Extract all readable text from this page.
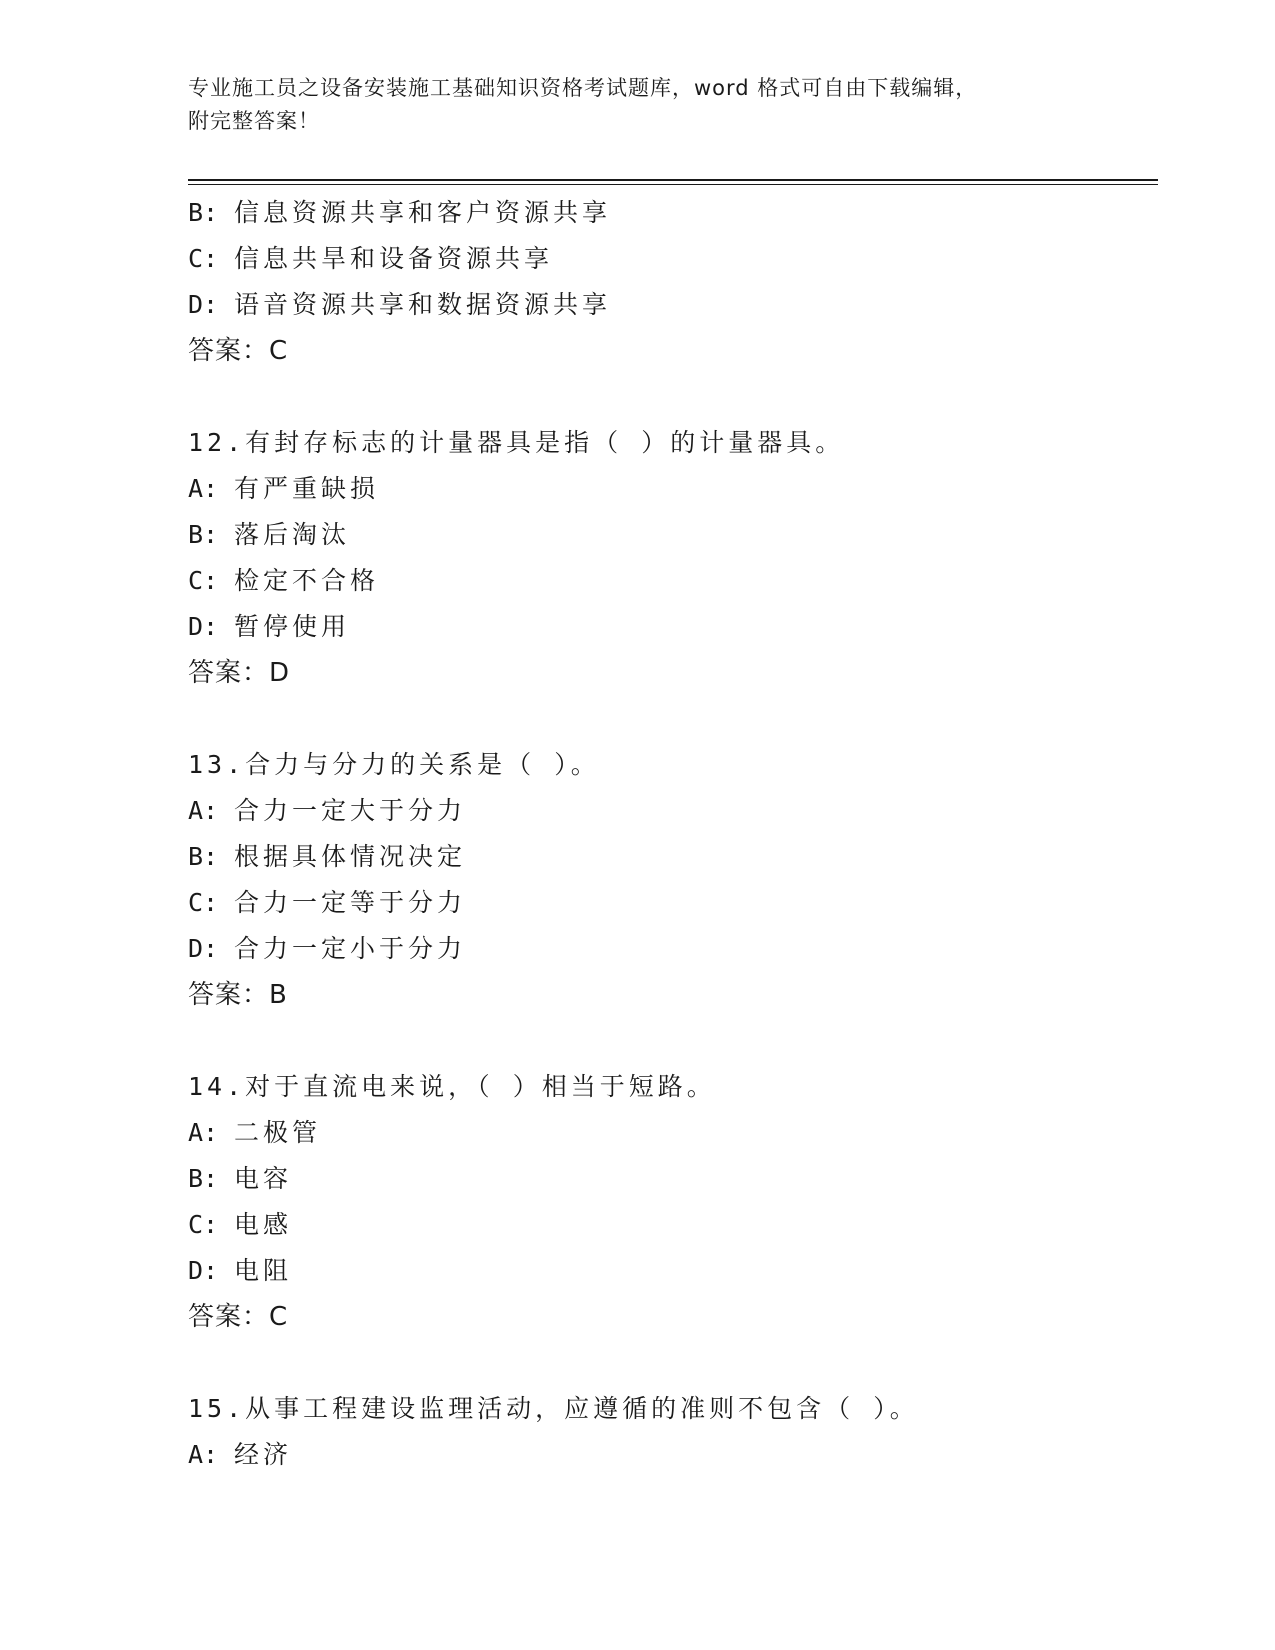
专业施工员之设备安装施工基础知识资格考试题库，word 格式可自由下载编辑，
附完整答案！
B: 信息资源共享和客户资源共享
C: 信息共旱和设备资源共享
D: 语音资源共享和数据资源共享
答案：C
12.有封存标志的计量器具是指（ ）的计量器具。
A: 有严重缺损
B: 落后淘汰
C: 检定不合格
D: 暂停使用
答案：D
13.合力与分力的关系是（ ）。
A: 合力一定大于分力
B: 根据具体情况决定
C: 合力一定等于分力
D: 合力一定小于分力
答案：B
14.对于直流电来说，（ ）相当于短路。
A: 二极管
B: 电容
C: 电感
D: 电阻
答案：C
15.从事工程建设监理活动，应遵循的准则不包含（ ）。
A: 经济
